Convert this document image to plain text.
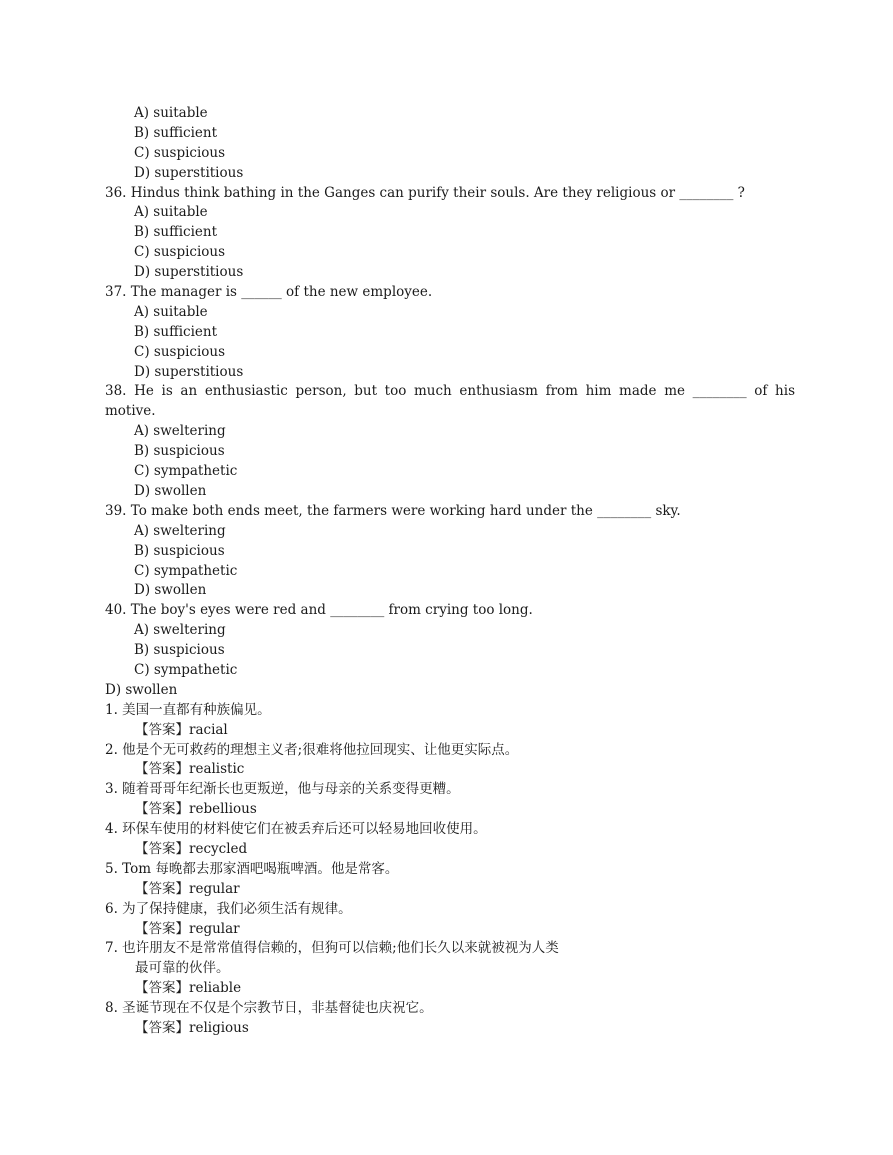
A) suitable
B) sufficient
C) suspicious
D) superstitious
36. Hindus think bathing in the Ganges can purify their souls. Are they religious or ________ ?
A) suitable
B) sufficient
C) suspicious
D) superstitious
37. The manager is ______ of the new employee.
A) suitable
B) sufficient
C) suspicious
D) superstitious
38. He is an enthusiastic person, but too much enthusiasm from him made me ________ of his motive.
A) sweltering
B) suspicious
C) sympathetic
D) swollen
39. To make both ends meet, the farmers were working hard under the ________ sky.
A) sweltering
B) suspicious
C) sympathetic
D) swollen
40. The boy's eyes were red and ________ from crying too long.
A) sweltering
B) suspicious
C) sympathetic
D) swollen
1. 美国一直都有种族偏见。
【答案】racial
2. 他是个无可救药的理想主义者;很难将他拉回现实、让他更实际点。
【答案】realistic
3. 随着哥哥年纪渐长也更叛逆，他与母亲的关系变得更糟。
【答案】rebellious
4. 环保车使用的材料使它们在被丢弃后还可以轻易地回收使用。
【答案】recycled
5. Tom 每晚都去那家酒吧喝瓶啤酒。他是常客。
【答案】regular
6. 为了保持健康，我们必须生活有规律。
【答案】regular
7. 也许朋友不是常常值得信赖的，但狗可以信赖;他们长久以来就被视为人类
最可靠的伙伴。
【答案】reliable
8. 圣诞节现在不仅是个宗教节日，非基督徒也庆祝它。
【答案】religious
